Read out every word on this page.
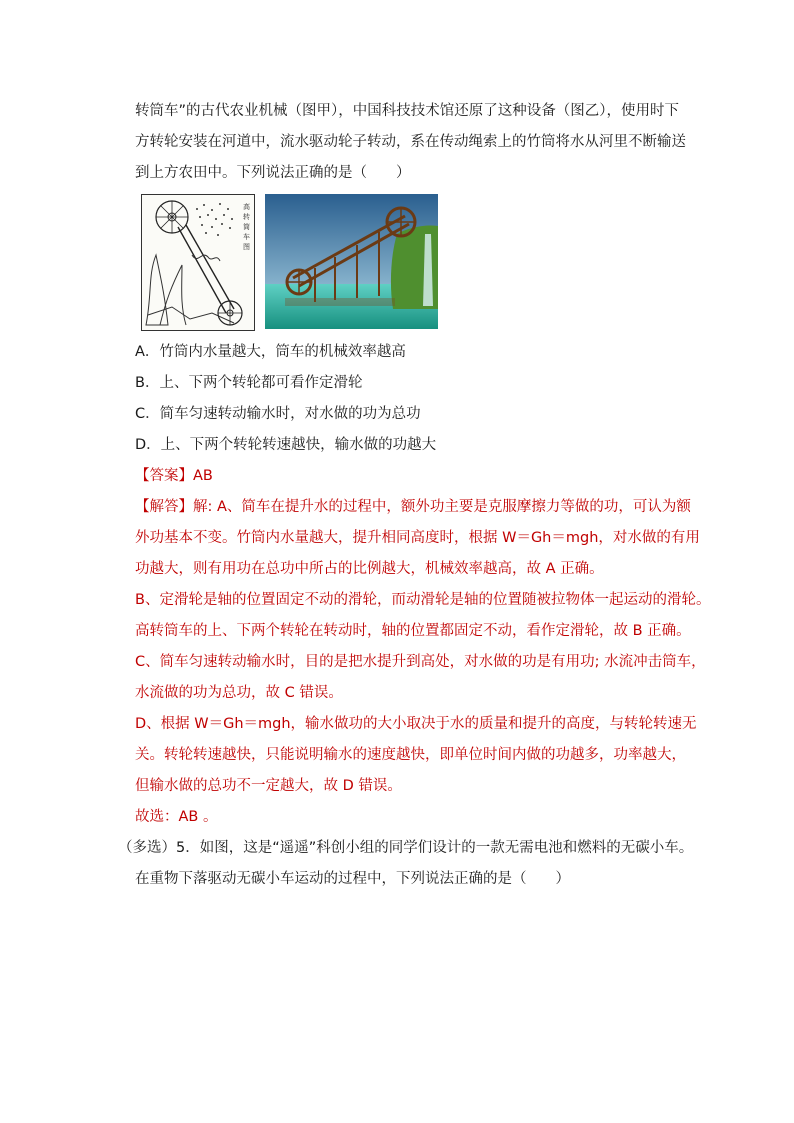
转筒车”的古代农业机械（图甲），中国科技技术馆还原了这种设备（图乙），使用时下
方转轮安装在河道中，流水驱动轮子转动，系在传动绳索上的竹筒将水从河里不断输送
到上方农田中。下列说法正确的是（　　）
高
转
筒
车
图
A．竹筒内水量越大，筒车的机械效率越高
B．上、下两个转轮都可看作定滑轮
C．简车匀速转动输水时，对水做的功为总功
D．上、下两个转轮转速越快，输水做的功越大
【答案】AB
【解答】解: A、简车在提升水的过程中，额外功主要是克服摩擦力等做的功，可认为额
外功基本不变。竹筒内水量越大，提升相同高度时，根据 W＝Gh＝mgh，对水做的有用
功越大，则有用功在总功中所占的比例越大，机械效率越高，故 A 正确。
B、定滑轮是轴的位置固定不动的滑轮，而动滑轮是轴的位置随被拉物体一起运动的滑轮。
高转筒车的上、下两个转轮在转动时，轴的位置都固定不动，看作定滑轮，故 B 正确。
C、简车匀速转动输水时，目的是把水提升到高处，对水做的功是有用功; 水流冲击筒车，
水流做的功为总功，故 C 错误。
D、根据 W＝Gh＝mgh，输水做功的大小取决于水的质量和提升的高度，与转轮转速无
关。转轮转速越快，只能说明输水的速度越快，即单位时间内做的功越多，功率越大，
但输水做的总功不一定越大，故 D 错误。
故选：AB 。
（多选）5．如图，这是“遥遥”科创小组的同学们设计的一款无需电池和燃料的无碳小车。
在重物下落驱动无碳小车运动的过程中，下列说法正确的是（　　）
